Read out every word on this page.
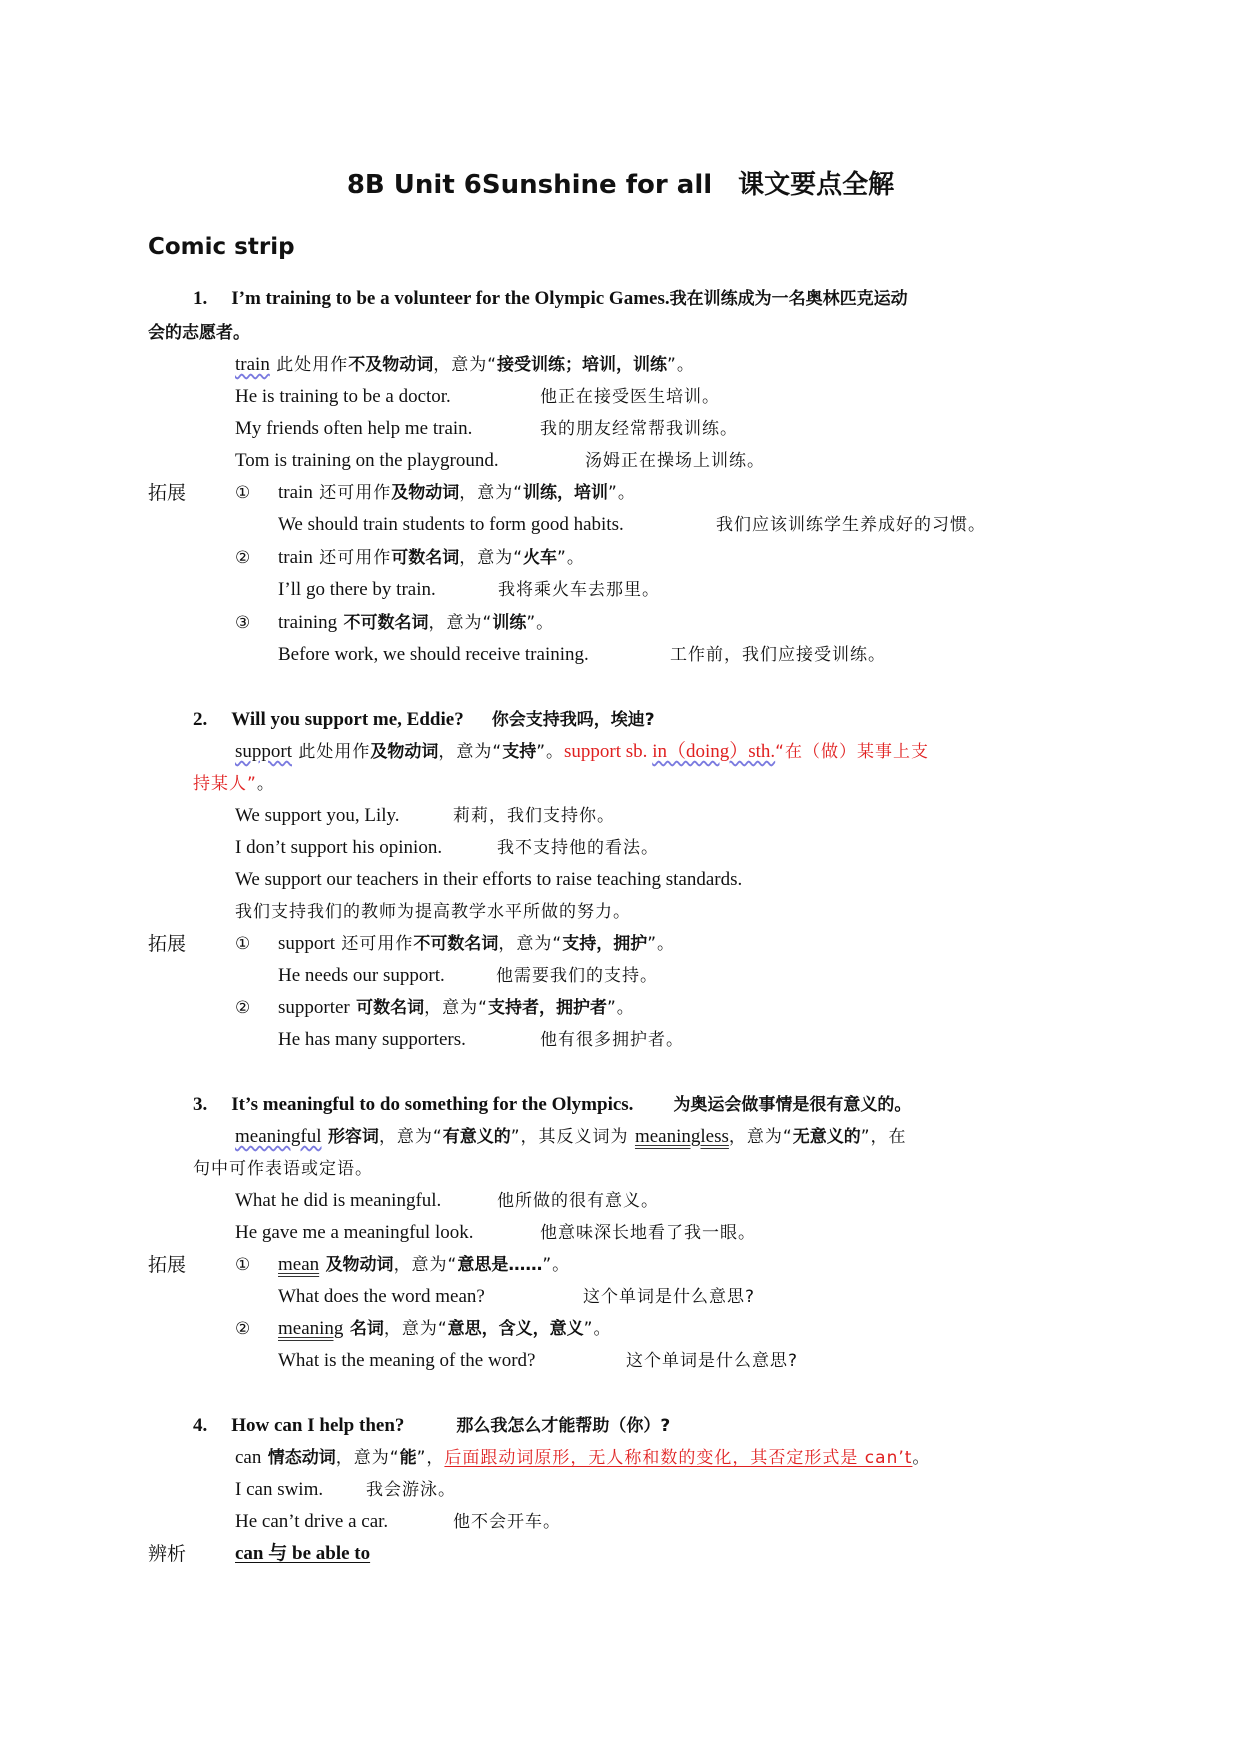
8B Unit 6Sunshine for all　课文要点全解
Comic strip
1. I’m training to be a volunteer for the Olympic Games.我在训练成为一名奥林匹克运动
会的志愿者。
train 此处用作不及物动词，意为“接受训练；培训，训练”。
He is training to be a doctor.	他正在接受医生培训。
My friends often help me train.	我的朋友经常帮我训练。
Tom is training on the playground.	汤姆正在操场上训练。
拓展	① train 还可用作及物动词，意为“训练，培训”。
We should train students to form good habits.	我们应该训练学生养成好的习惯。
② train 还可用作可数名词，意为“火车”。
I’ll go there by train.	我将乘火车去那里。
③ training 不可数名词，意为“训练”。
Before work, we should receive training.	工作前，我们应接受训练。
2. Will you support me, Eddie? 你会支持我吗，埃迪?
support 此处用作及物动词，意为“支持”。support sb. in（doing）sth.“在（做）某事上支
持某人”。
We support you, Lily.	莉莉，我们支持你。
I don’t support his opinion.	我不支持他的看法。
We support our teachers in their efforts to raise teaching standards.
我们支持我们的教师为提高教学水平所做的努力。
拓展	① support 还可用作不可数名词，意为“支持，拥护”。
He needs our support.	他需要我们的支持。
② supporter 可数名词，意为“支持者，拥护者”。
He has many supporters.	他有很多拥护者。
3. It’s meaningful to do something for the Olympics. 为奥运会做事情是很有意义的。
meaningful 形容词，意为“有意义的”，其反义词为 meaningless，意为“无意义的”，在
句中可作表语或定语。
What he did is meaningful.	他所做的很有意义。
He gave me a meaningful look.	他意味深长地看了我一眼。
拓展	① mean 及物动词，意为“意思是……”。
What does the word mean?	这个单词是什么意思?
② meaning 名词，意为“意思，含义，意义”。
What is the meaning of the word?	这个单词是什么意思?
4. How can I help then?	那么我怎么才能帮助（你）?
can 情态动词，意为“能”，后面跟动词原形，无人称和数的变化，其否定形式是 can’t。
I can swim.	我会游泳。
He can’t drive a car.	他不会开车。
辨析	can 与 be able to
